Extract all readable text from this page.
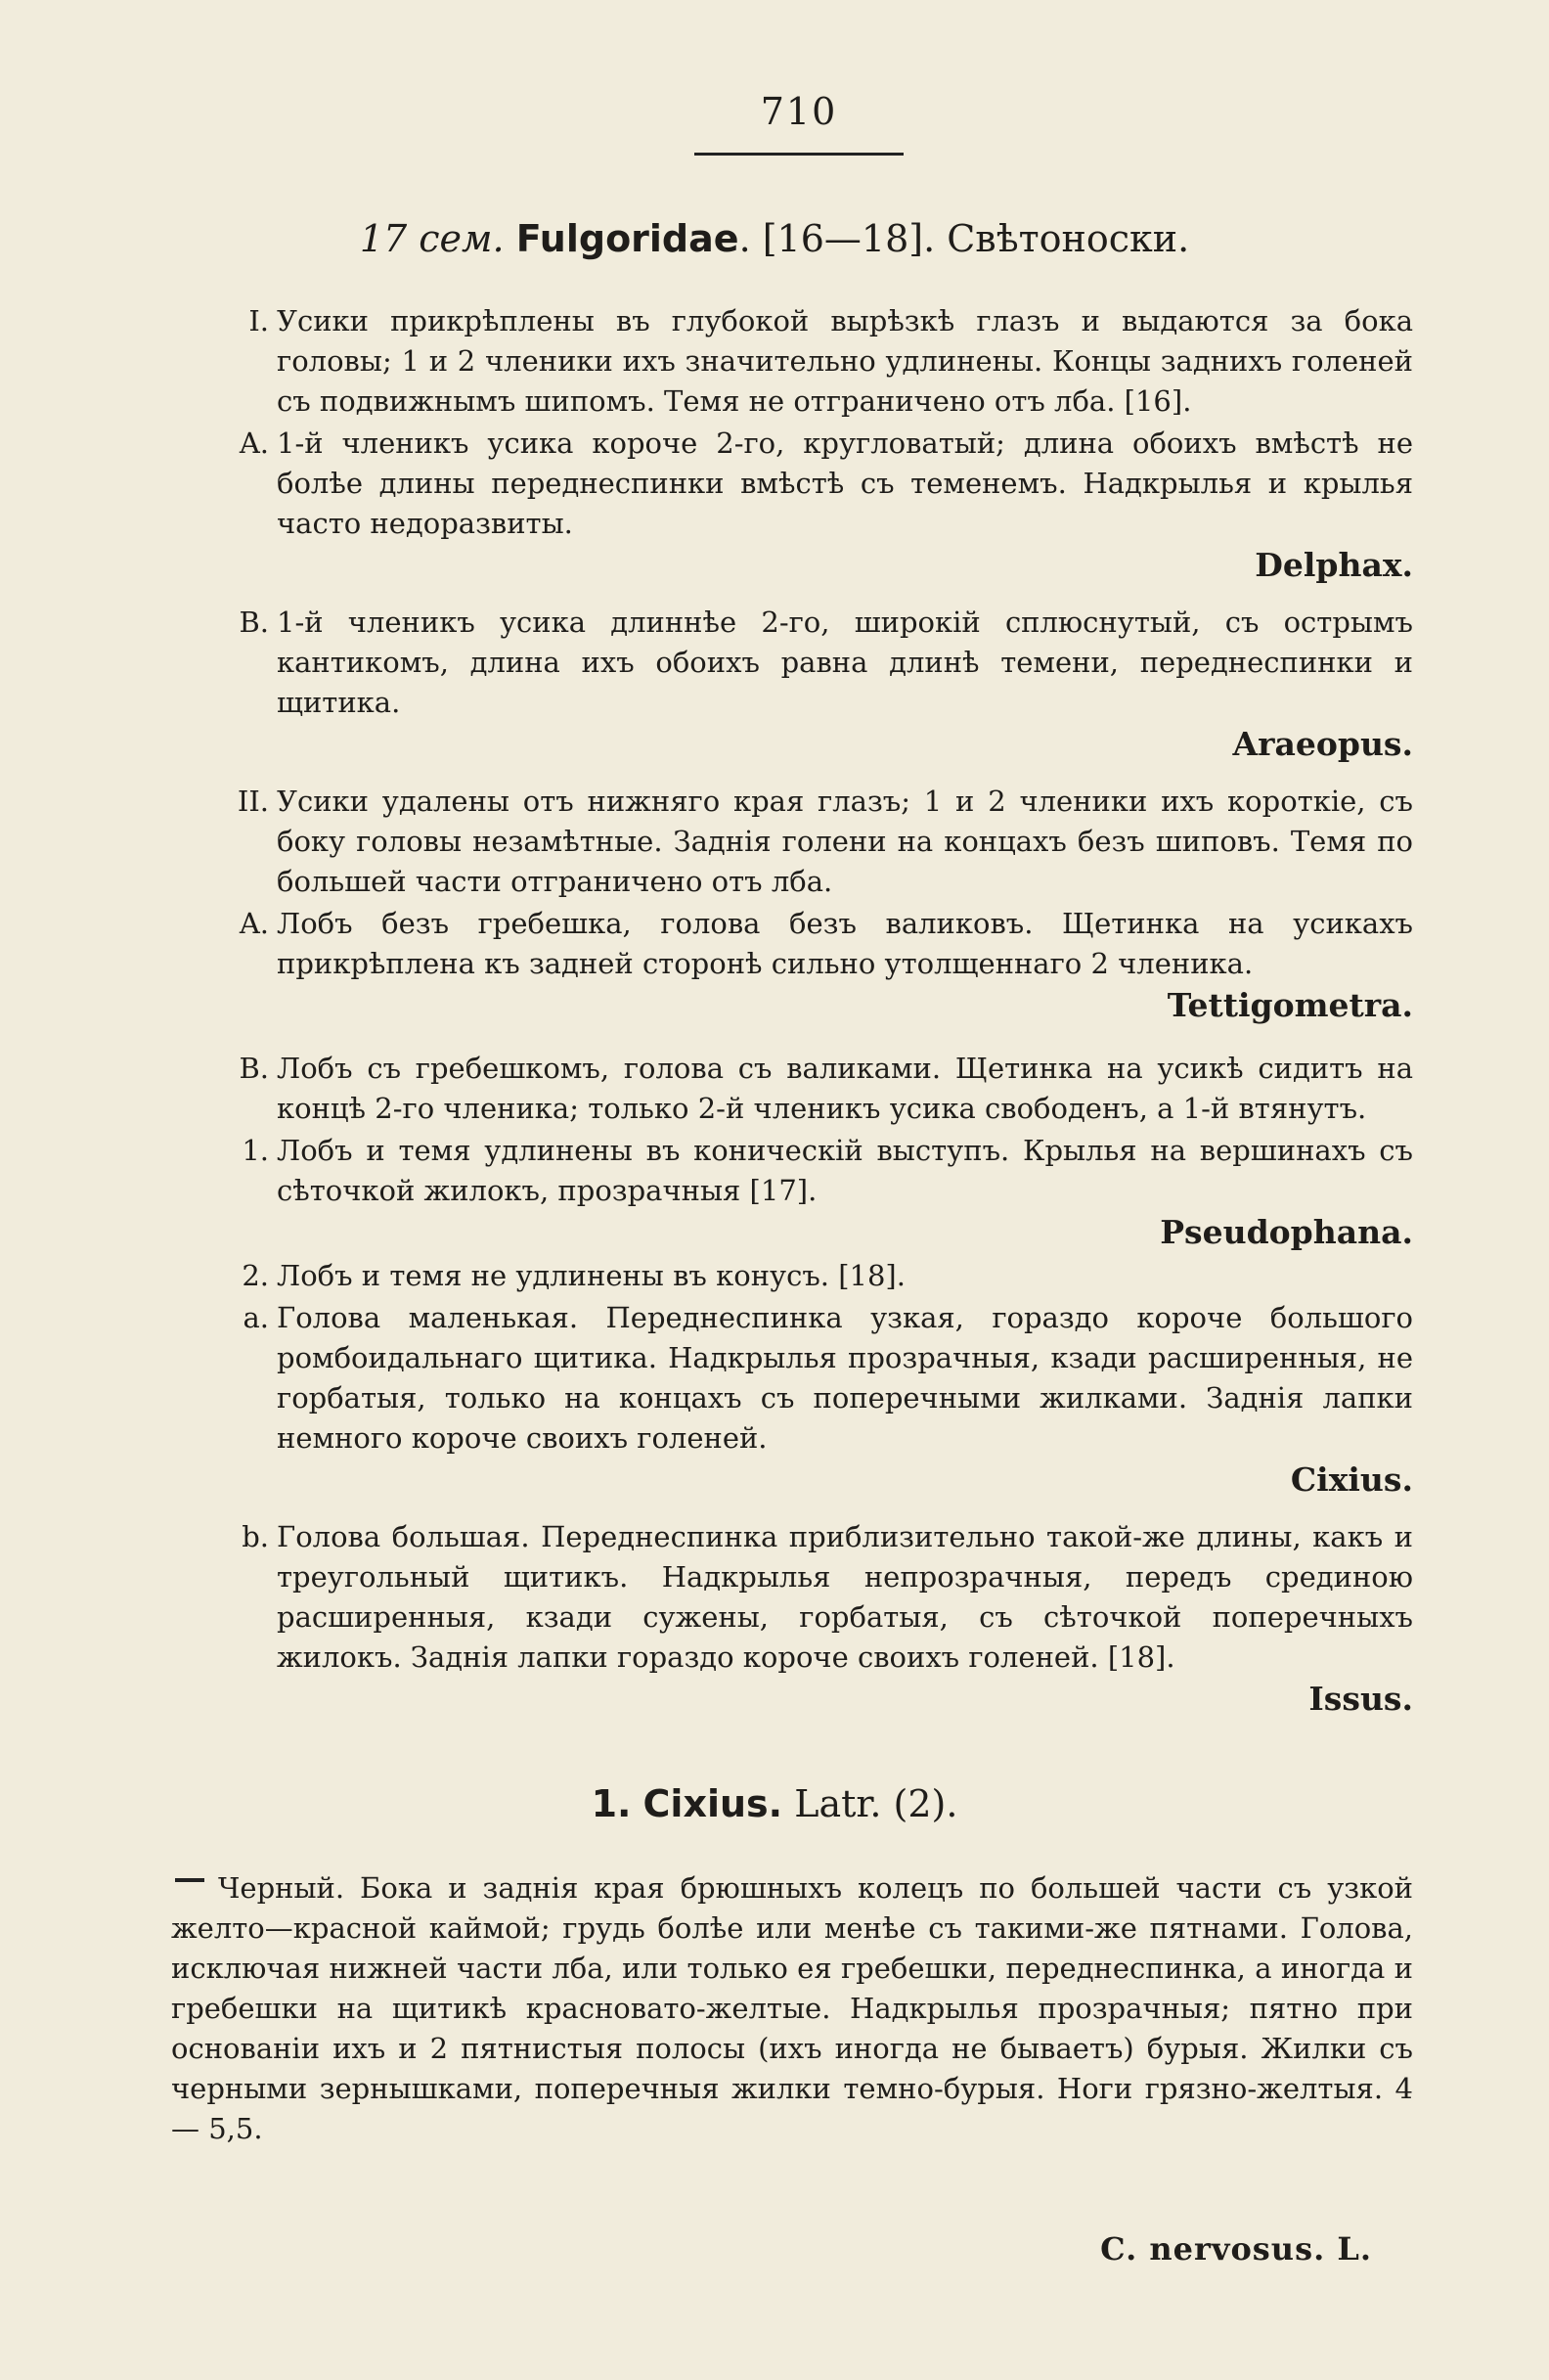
710
17 сем. Fulgoridae. [16—18]. Свѣтоноски.
I. Усики прикрѣплены въ глубокой вырѣзкѣ глазъ и выдаются за бока головы; 1 и 2 членики ихъ значительно удлинены. Концы заднихъ голеней съ подвижнымъ шипомъ. Темя не отграничено отъ лба. [16].
A. 1-й членикъ усика короче 2-го, кругловатый; длина обоихъ вмѣстѣ не болѣе длины переднеспинки вмѣстѣ съ теменемъ. Надкрылья и крылья часто недоразвиты.
Delphax.
B. 1-й членикъ усика длиннѣе 2-го, широкій сплюснутый, съ острымъ кантикомъ, длина ихъ обоихъ равна длинѣ темени, переднеспинки и щитика.
Araeopus.
II. Усики удалены отъ нижняго края глазъ; 1 и 2 членики ихъ короткіе, съ боку головы незамѣтные. Заднія голени на концахъ безъ шиповъ. Темя по большей части отграничено отъ лба.
A. Лобъ безъ гребешка, голова безъ валиковъ. Щетинка на усикахъ прикрѣплена къ задней сторонѣ сильно утолщеннаго 2 членика.
Tettigometra.
B. Лобъ съ гребешкомъ, голова съ валиками. Щетинка на усикѣ сидитъ на концѣ 2-го членика; только 2-й членикъ усика свободенъ, а 1-й втянутъ.
1. Лобъ и темя удлинены въ коническій выступъ. Крылья на вершинахъ съ сѣточкой жилокъ, прозрачныя [17].
Pseudophana.
2. Лобъ и темя не удлинены въ конусъ. [18].
a. Голова маленькая. Переднеспинка узкая, гораздо короче большого ромбоидальнаго щитика. Надкрылья прозрачныя, кзади расширенныя, не горбатыя, только на концахъ съ поперечными жилками. Заднія лапки немного короче своихъ голеней.
Cixius.
b. Голова большая. Переднеспинка приблизительно такой-же длины, какъ и треугольный щитикъ. Надкрылья непрозрачныя, передъ срединою расширенныя, кзади сужены, горбатыя, съ сѣточкой поперечныхъ жилокъ. Заднія лапки гораздо короче своихъ голеней. [18].
Issus.
1. Cixius. Latr. (2).
Черный. Бока и заднія края брюшныхъ колецъ по большей части съ узкой желто—красной каймой; грудь болѣе или менѣе съ такими-же пятнами. Голова, исключая нижней части лба, или только ея гребешки, переднеспинка, а иногда и гребешки на щитикѣ красновато-желтые. Надкрылья прозрачныя; пятно при основаніи ихъ и 2 пятнистыя полосы (ихъ иногда не бываетъ) бурыя. Жилки съ черными зернышками, поперечныя жилки темно-бурыя. Ноги грязно-желтыя. 4 — 5,5.
C. nervosus. L.
